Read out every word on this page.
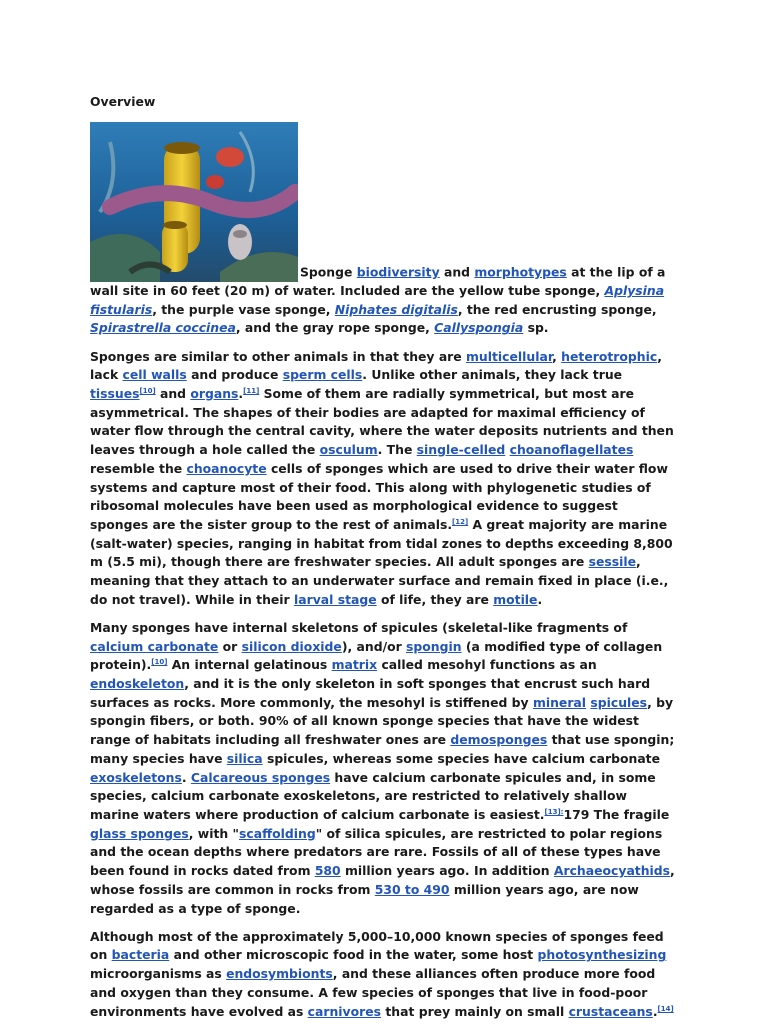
Overview

Sponge biodiversity and morphotypes at the lip of a wall site in 60 feet (20 m) of water. Included are the yellow tube sponge, Aplysina fistularis, the purple vase sponge, Niphates digitalis, the red encrusting sponge, Spirastrella coccinea, and the gray rope sponge, Callyspongia sp.

Sponges are similar to other animals in that they are multicellular, heterotrophic, lack cell walls and produce sperm cells. Unlike other animals, they lack true tissues[10] and organs.[11] Some of them are radially symmetrical, but most are asymmetrical. The shapes of their bodies are adapted for maximal efficiency of water flow through the central cavity, where the water deposits nutrients and then leaves through a hole called the osculum. The single-celled choanoflagellates resemble the choanocyte cells of sponges which are used to drive their water flow systems and capture most of their food. This along with phylogenetic studies of ribosomal molecules have been used as morphological evidence to suggest sponges are the sister group to the rest of animals.[12] A great majority are marine (salt-water) species, ranging in habitat from tidal zones to depths exceeding 8,800 m (5.5 mi), though there are freshwater species. All adult sponges are sessile, meaning that they attach to an underwater surface and remain fixed in place (i.e., do not travel). While in their larval stage of life, they are motile.

Many sponges have internal skeletons of spicules (skeletal-like fragments of calcium carbonate or silicon dioxide), and/or spongin (a modified type of collagen protein).[10] An internal gelatinous matrix called mesohyl functions as an endoskeleton, and it is the only skeleton in soft sponges that encrust such hard surfaces as rocks. More commonly, the mesohyl is stiffened by mineral spicules, by spongin fibers, or both. 90% of all known sponge species that have the widest range of habitats including all freshwater ones are demosponges that use spongin; many species have silica spicules, whereas some species have calcium carbonate exoskeletons. Calcareous sponges have calcium carbonate spicules and, in some species, calcium carbonate exoskeletons, are restricted to relatively shallow marine waters where production of calcium carbonate is easiest.$^{[13]:}$179 The fragile glass sponges, with "scaffolding" of silica spicules, are restricted to polar regions and the ocean depths where predators are rare. Fossils of all of these types have been found in rocks dated from 580 million years ago. In addition Archaeocyathids, whose fossils are common in rocks from 530 to 490 million years ago, are now regarded as a type of sponge.

Although most of the approximately 5,000–10,000 known species of sponges feed on bacteria and other microscopic food in the water, some host photosynthesizing microorganisms as endosymbionts, and these alliances often produce more food and oxygen than they consume. A few species of sponges that live in food-poor environments have evolved as carnivores that prey mainly on small crustaceans.[14]
